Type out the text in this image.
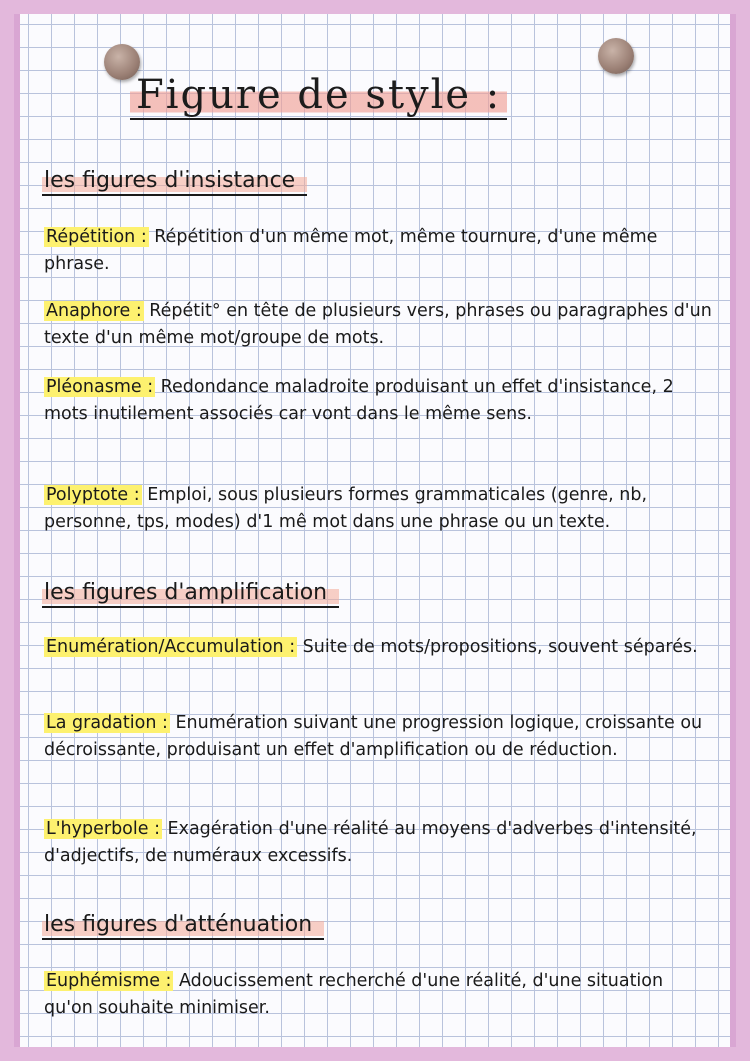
Figure de style :
les figures d'insistance
Répétition : Répétition d'un même mot, même tournure, d'une même phrase.
Anaphore : Répétit° en tête de plusieurs vers, phrases ou paragraphes d'un texte d'un même mot/groupe de mots.
Pléonasme : Redondance maladroite produisant un effet d'insistance, 2 mots inutilement associés car vont dans le même sens.
Polyptote : Emploi, sous plusieurs formes grammaticales (genre, nb, personne, tps, modes) d'1 mê mot dans une phrase ou un texte.
les figures d'amplification
Enumération/Accumulation : Suite de mots/propositions, souvent séparés.
La gradation : Enumération suivant une progression logique, croissante ou décroissante, produisant un effet d'amplification ou de réduction.
L'hyperbole : Exagération d'une réalité au moyens d'adverbes d'intensité, d'adjectifs, de numéraux excessifs.
les figures d'atténuation
Euphémisme : Adoucissement recherché d'une réalité, d'une situation qu'on souhaite minimiser.
